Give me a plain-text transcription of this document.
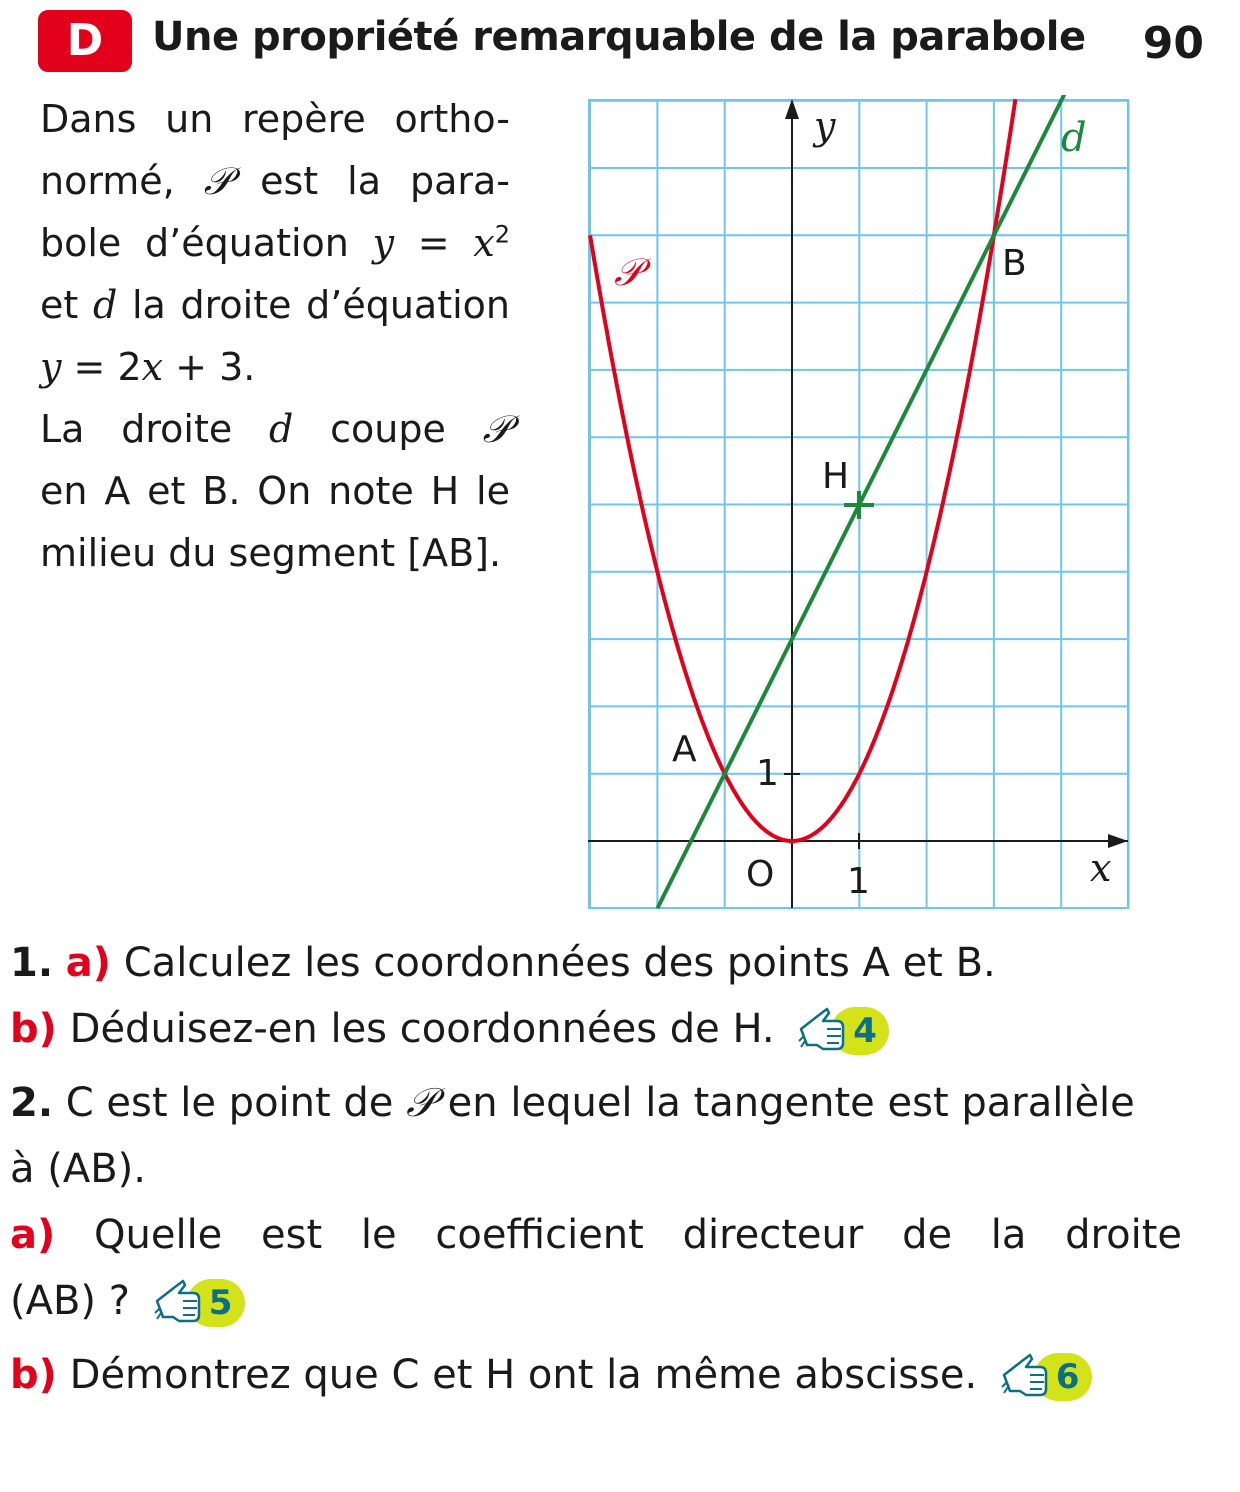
D	Une propriété remarquable de la parabole 90
Dans un repère ortho-
normé, 𝒫 est la para-
bole d’équation $y = x^2$
et d la droite d’équation
y = 2x + 3.
La droite d coupe 𝒫
en A et B. On note H le
milieu du segment [AB].
y
x
d
𝒫	B
H
A
1
O 1

1. a) Calculez les coordonnées des points A et B.

b) Déduisez-en les coordonnées de H. 4

2. C est le point de 𝒫 en lequel la tangente est parallèle
à (AB).

a) Quelle est le coefficient directeur de la droite
(AB) ? 5

b) Démontrez que C et H ont la même abscisse. 6
